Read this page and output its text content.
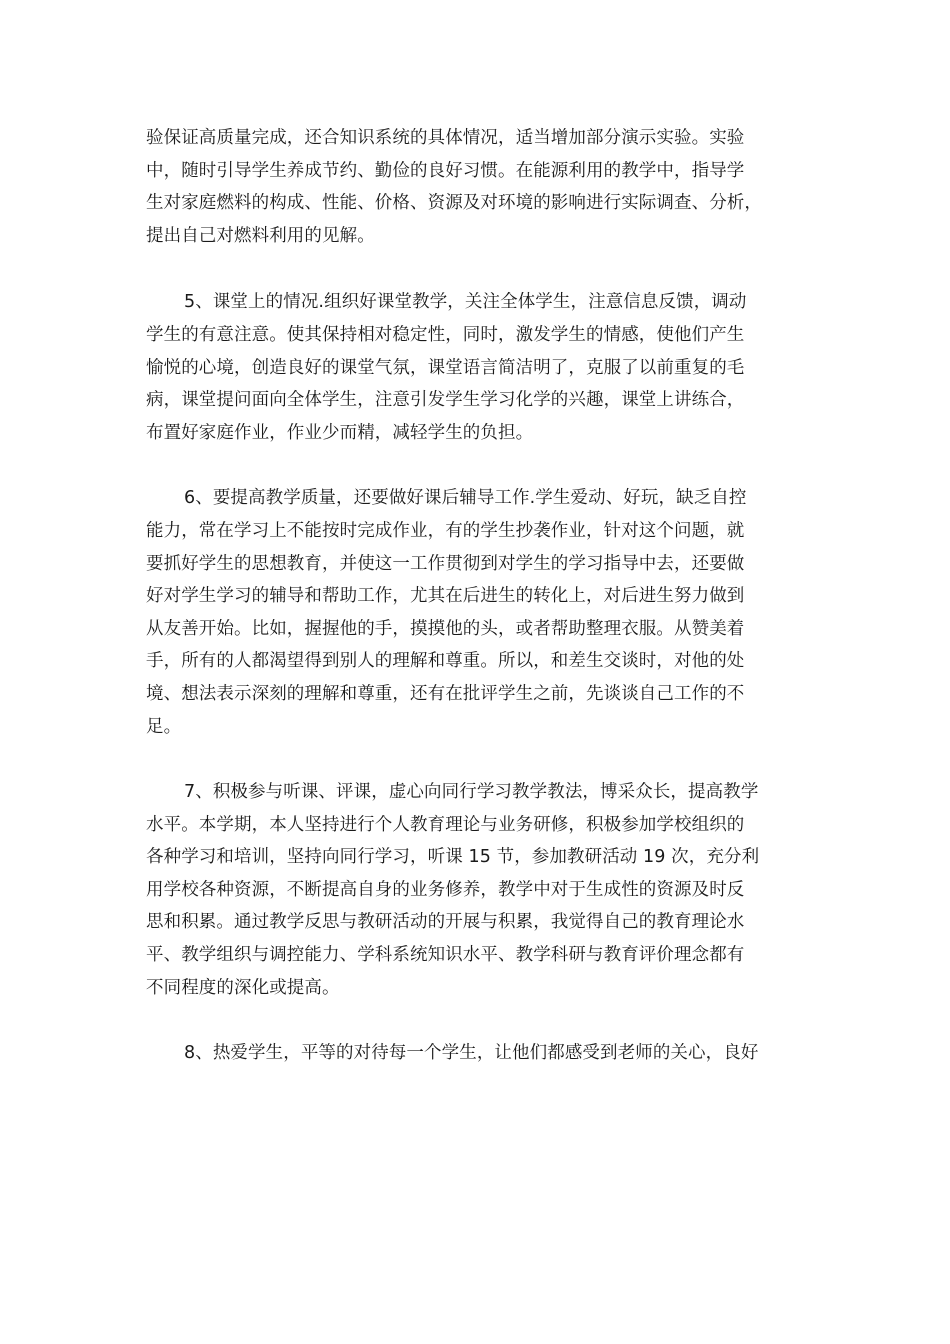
验保证高质量完成，还合知识系统的具体情况，适当增加部分演示实验。实验
中，随时引导学生养成节约、勤俭的良好习惯。在能源利用的教学中，指导学
生对家庭燃料的构成、性能、价格、资源及对环境的影响进行实际调查、分析，
提出自己对燃料利用的见解。
5、课堂上的情况.组织好课堂教学，关注全体学生，注意信息反馈，调动
学生的有意注意。使其保持相对稳定性，同时，激发学生的情感，使他们产生
愉悦的心境，创造良好的课堂气氛，课堂语言简洁明了，克服了以前重复的毛
病，课堂提问面向全体学生，注意引发学生学习化学的兴趣，课堂上讲练合，
布置好家庭作业，作业少而精，减轻学生的负担。
6、要提高教学质量，还要做好课后辅导工作.学生爱动、好玩，缺乏自控
能力，常在学习上不能按时完成作业，有的学生抄袭作业，针对这个问题，就
要抓好学生的思想教育，并使这一工作贯彻到对学生的学习指导中去，还要做
好对学生学习的辅导和帮助工作，尤其在后进生的转化上，对后进生努力做到
从友善开始。比如，握握他的手，摸摸他的头，或者帮助整理衣服。从赞美着
手，所有的人都渴望得到别人的理解和尊重。所以，和差生交谈时，对他的处
境、想法表示深刻的理解和尊重，还有在批评学生之前，先谈谈自己工作的不
足。
7、积极参与听课、评课，虚心向同行学习教学教法，博采众长，提高教学
水平。本学期，本人坚持进行个人教育理论与业务研修，积极参加学校组织的
各种学习和培训，坚持向同行学习，听课 15 节，参加教研活动 19 次，充分利
用学校各种资源，不断提高自身的业务修养，教学中对于生成性的资源及时反
思和积累。通过教学反思与教研活动的开展与积累，我觉得自己的教育理论水
平、教学组织与调控能力、学科系统知识水平、教学科研与教育评价理念都有
不同程度的深化或提高。
8、热爱学生，平等的对待每一个学生，让他们都感受到老师的关心，良好
